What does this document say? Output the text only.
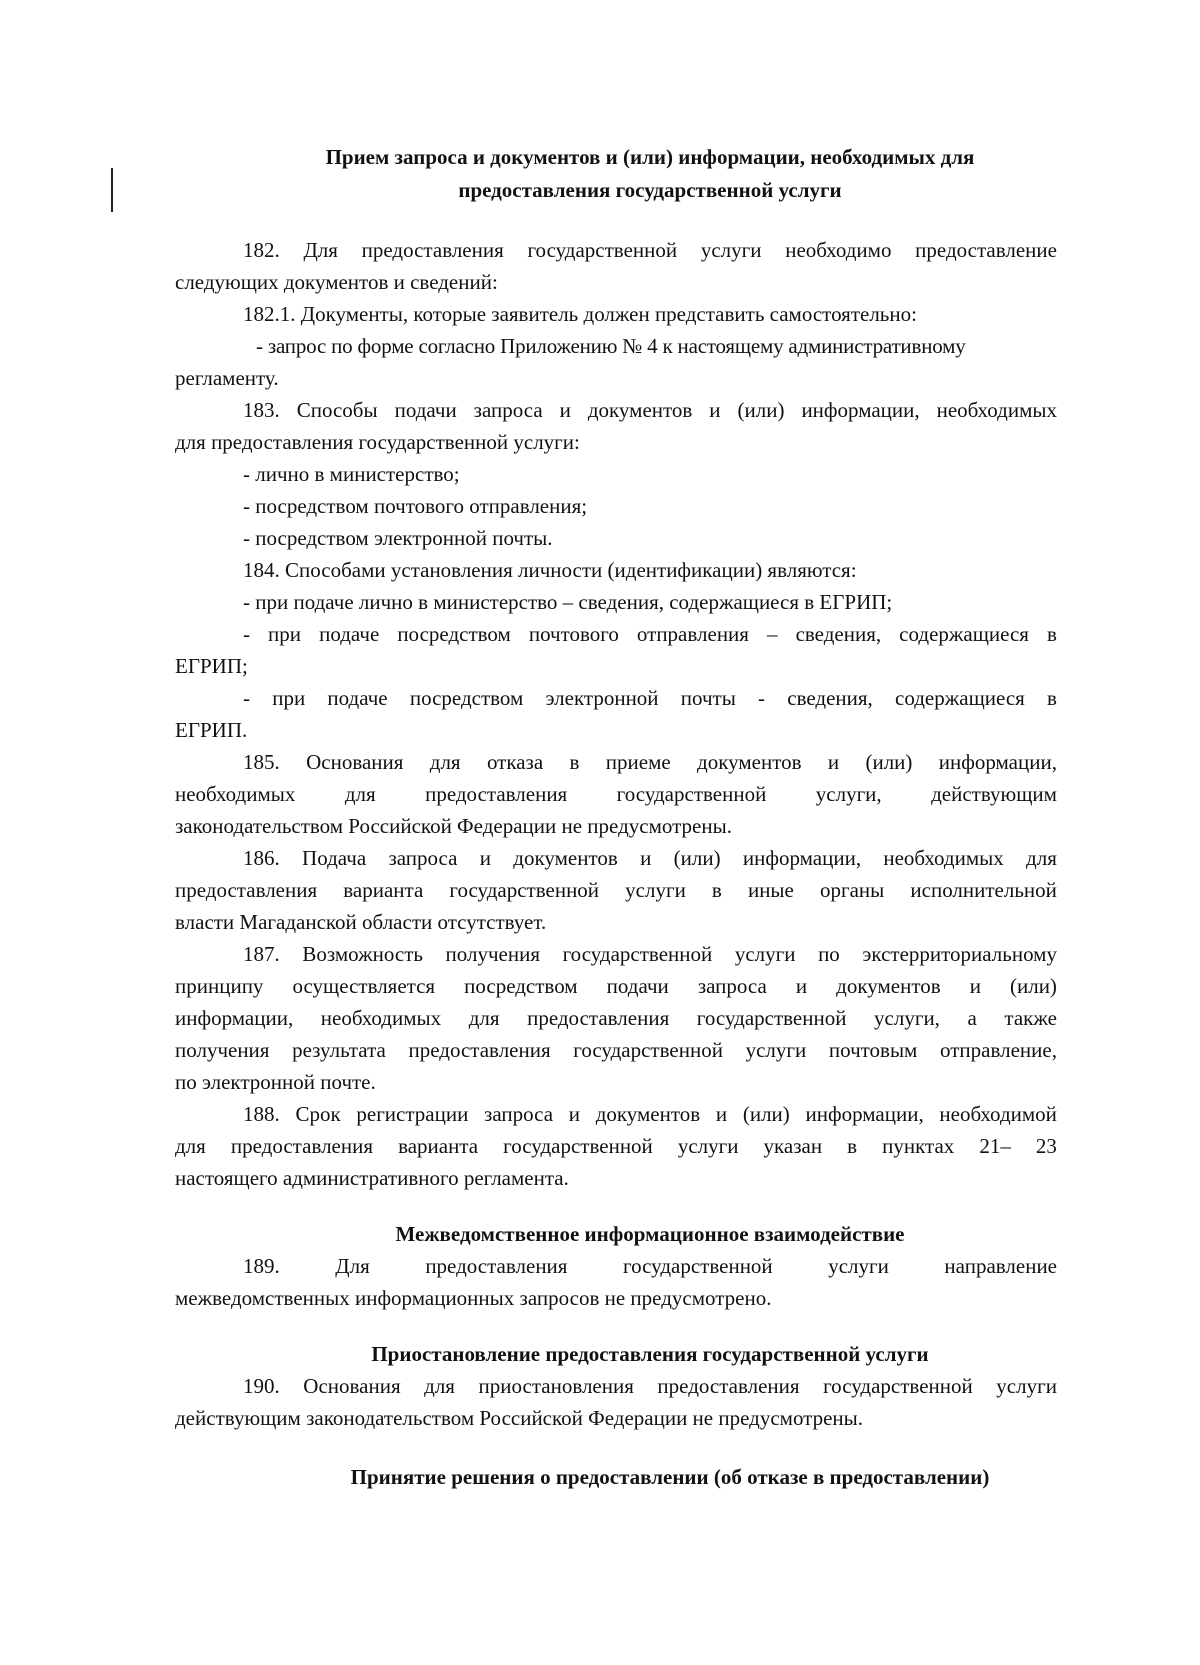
Прием запроса и документов и (или) информации, необходимых для
предоставления государственной услуги
182. Для предоставления государственной услуги необходимо предоставление
следующих документов и сведений:
182.1. Документы, которые заявитель должен представить самостоятельно:
- запрос по форме согласно Приложению № 4 к настоящему административному
регламенту.
183. Способы подачи запроса и документов и (или) информации, необходимых
для предоставления государственной услуги:
- лично в министерство;
- посредством почтового отправления;
- посредством электронной почты.
184. Способами установления личности (идентификации) являются:
- при подаче лично в министерство – сведения, содержащиеся в ЕГРИП;
- при подаче посредством почтового отправления – сведения, содержащиеся в
ЕГРИП;
- при подаче посредством электронной почты - сведения, содержащиеся в
ЕГРИП.
185. Основания для отказа в приеме документов и (или) информации,
необходимых для предоставления государственной услуги, действующим
законодательством Российской Федерации не предусмотрены.
186. Подача запроса и документов и (или) информации, необходимых для
предоставления варианта государственной услуги в иные органы исполнительной
власти Магаданской области отсутствует.
187. Возможность получения государственной услуги по экстерриториальному
принципу осуществляется посредством подачи запроса и документов и (или)
информации, необходимых для предоставления государственной услуги, а также
получения результата предоставления государственной услуги почтовым отправление,
по электронной почте.
188. Срок регистрации запроса и документов и (или) информации, необходимой
для предоставления варианта государственной услуги указан в пунктах 21– 23
настоящего административного регламента.
Межведомственное информационное взаимодействие
189.	Для	предоставления	государственной	услуги	направление
межведомственных информационных запросов не предусмотрено.
Приостановление предоставления государственной услуги
190. Основания для приостановления предоставления государственной услуги
действующим законодательством Российской Федерации не предусмотрены.
Принятие решения о предоставлении (об отказе в предоставлении)
